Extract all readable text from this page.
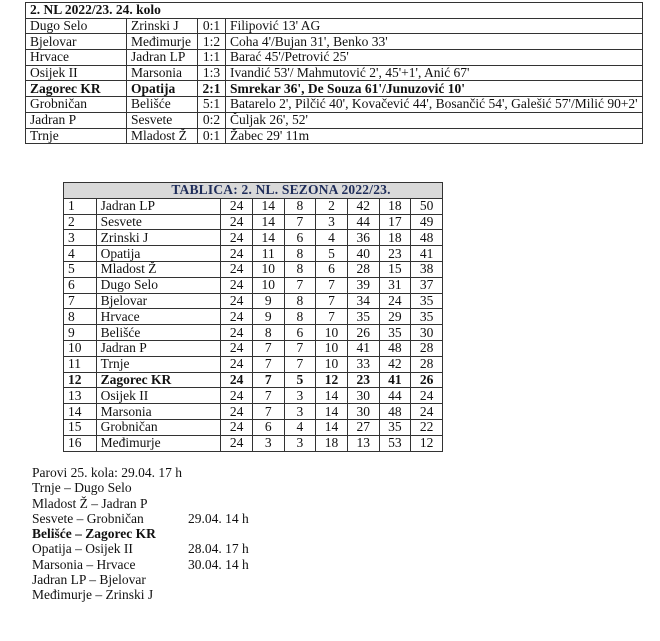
2. NL 2022/23. 24. kolo			
Dugo Selo	Zrinski J	0:1	Filipović 13' AG
Bjelovar	Međimurje	1:2	Coha 4'/Bujan 31', Benko 33'
Hrvace	Jadran LP	1:1	Barać 45'/Petrović 25'
Osijek II	Marsonia	1:3	Ivandić 53'/ Mahmutović 2', 45'+1', Anić 67'
Zagorec KR	Opatija	2:1	Smrekar 36', De Souza 61'/Junuzović 10'
Grobničan	Belišće	5:1	Batarelo 2', Pilčić 40', Kovačević 44', Bosančić 54', Galešić 57'/Milić 90+2'
Jadran P	Sesvete	0:2	Čuljak 26', 52'
Trnje	Mladost Ž	0:1	Žabec 29' 11m
TABLICA: 2. NL. SEZONA 2022/23.								
1	Jadran LP	24	14	8	2	42	18	50
2	Sesvete	24	14	7	3	44	17	49
3	Zrinski J	24	14	6	4	36	18	48
4	Opatija	24	11	8	5	40	23	41
5	Mladost Ž	24	10	8	6	28	15	38
6	Dugo Selo	24	10	7	7	39	31	37
7	Bjelovar	24	9	8	7	34	24	35
8	Hrvace	24	9	8	7	35	29	35
9	Belišće	24	8	6	10	26	35	30
10	Jadran P	24	7	7	10	41	48	28
11	Trnje	24	7	7	10	33	42	28
12	Zagorec KR	24	7	5	12	23	41	26
13	Osijek II	24	7	3	14	30	44	24
14	Marsonia	24	7	3	14	30	48	24
15	Grobničan	24	6	4	14	27	35	22
16	Međimurje	24	3	3	18	13	53	12
Parovi 25. kola: 29.04. 17 h
Trnje – Dugo Selo
Mladost Ž – Jadran P
Sesvete – Grobničan	29.04. 14 h
Belišće – Zagorec KR
Opatija – Osijek II	28.04. 17 h
Marsonia – Hrvace	30.04. 14 h
Jadran LP – Bjelovar
Međimurje – Zrinski J
